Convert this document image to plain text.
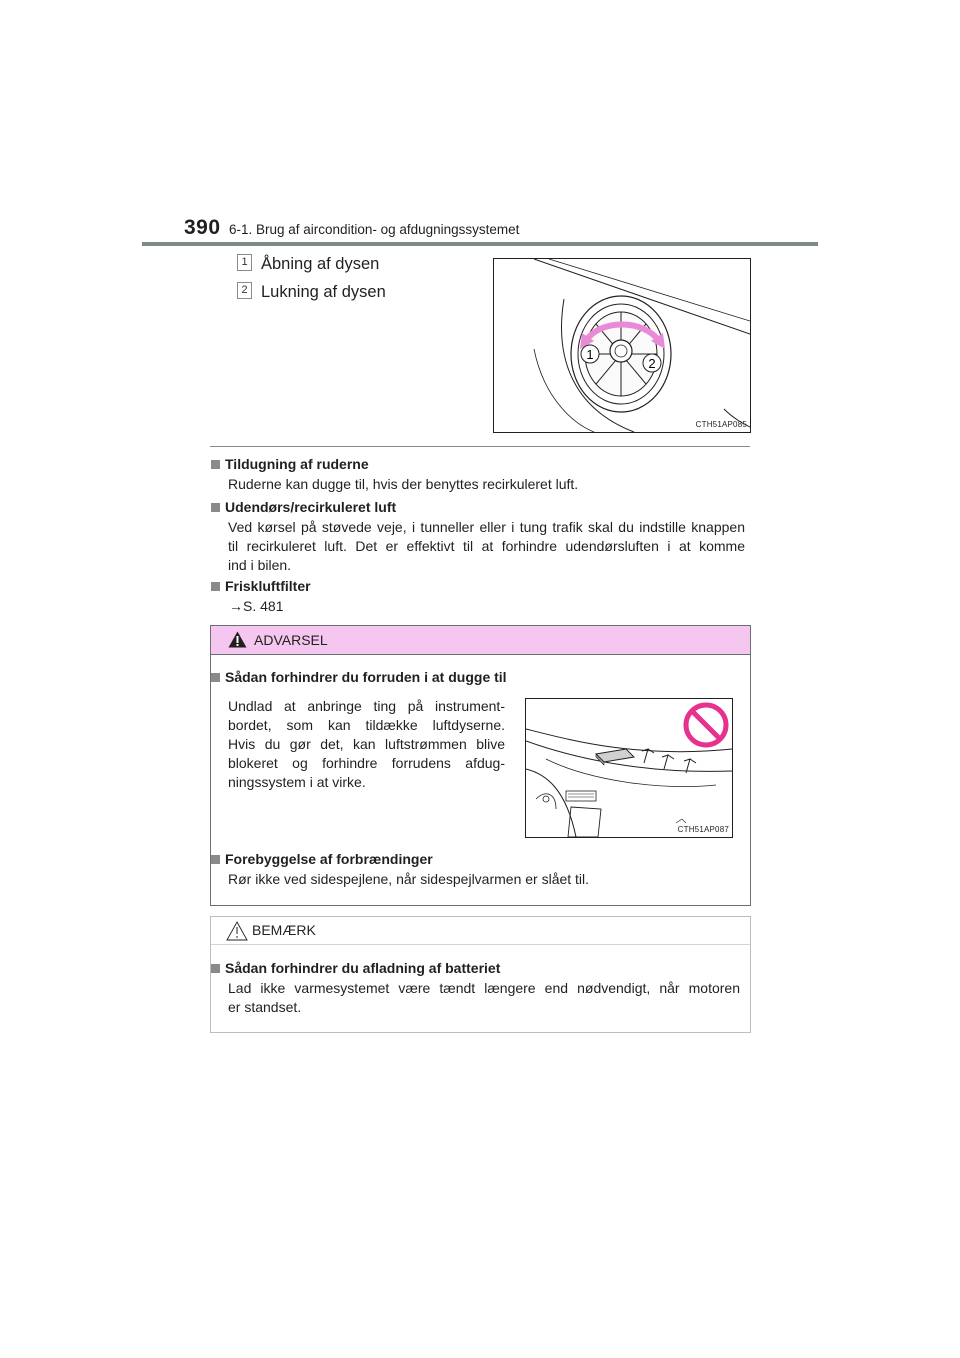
390 6-1. Brug af aircondition- og afdugningssystemet
1 Åbning af dysen
2 Lukning af dysen
1
2
CTH51AP085
Tildugning af ruderne
Ruderne kan dugge til, hvis der benyttes recirkuleret luft.
Udendørs/recirkuleret luft
Ved kørsel på støvede veje, i tunneller eller i tung trafik skal du indstille knappen
til recirkuleret luft. Det er effektivt til at forhindre udendørsluften i at komme
ind i bilen.
Friskluftfilter
→S. 481
ADVARSEL
Sådan forhindrer du forruden i at dugge til
Undlad at anbringe ting på instrument-
bordet, som kan tildække luftdyserne.
Hvis du gør det, kan luftstrømmen blive
blokeret og forhindre forrudens afdug-
ningssystem i at virke.
CTH51AP087
Forebyggelse af forbrændinger
Rør ikke ved sidespejlene, når sidespejlvarmen er slået til.
BEMÆRK
Sådan forhindrer du afladning af batteriet
Lad ikke varmesystemet være tændt længere end nødvendigt, når motoren
er standset.
